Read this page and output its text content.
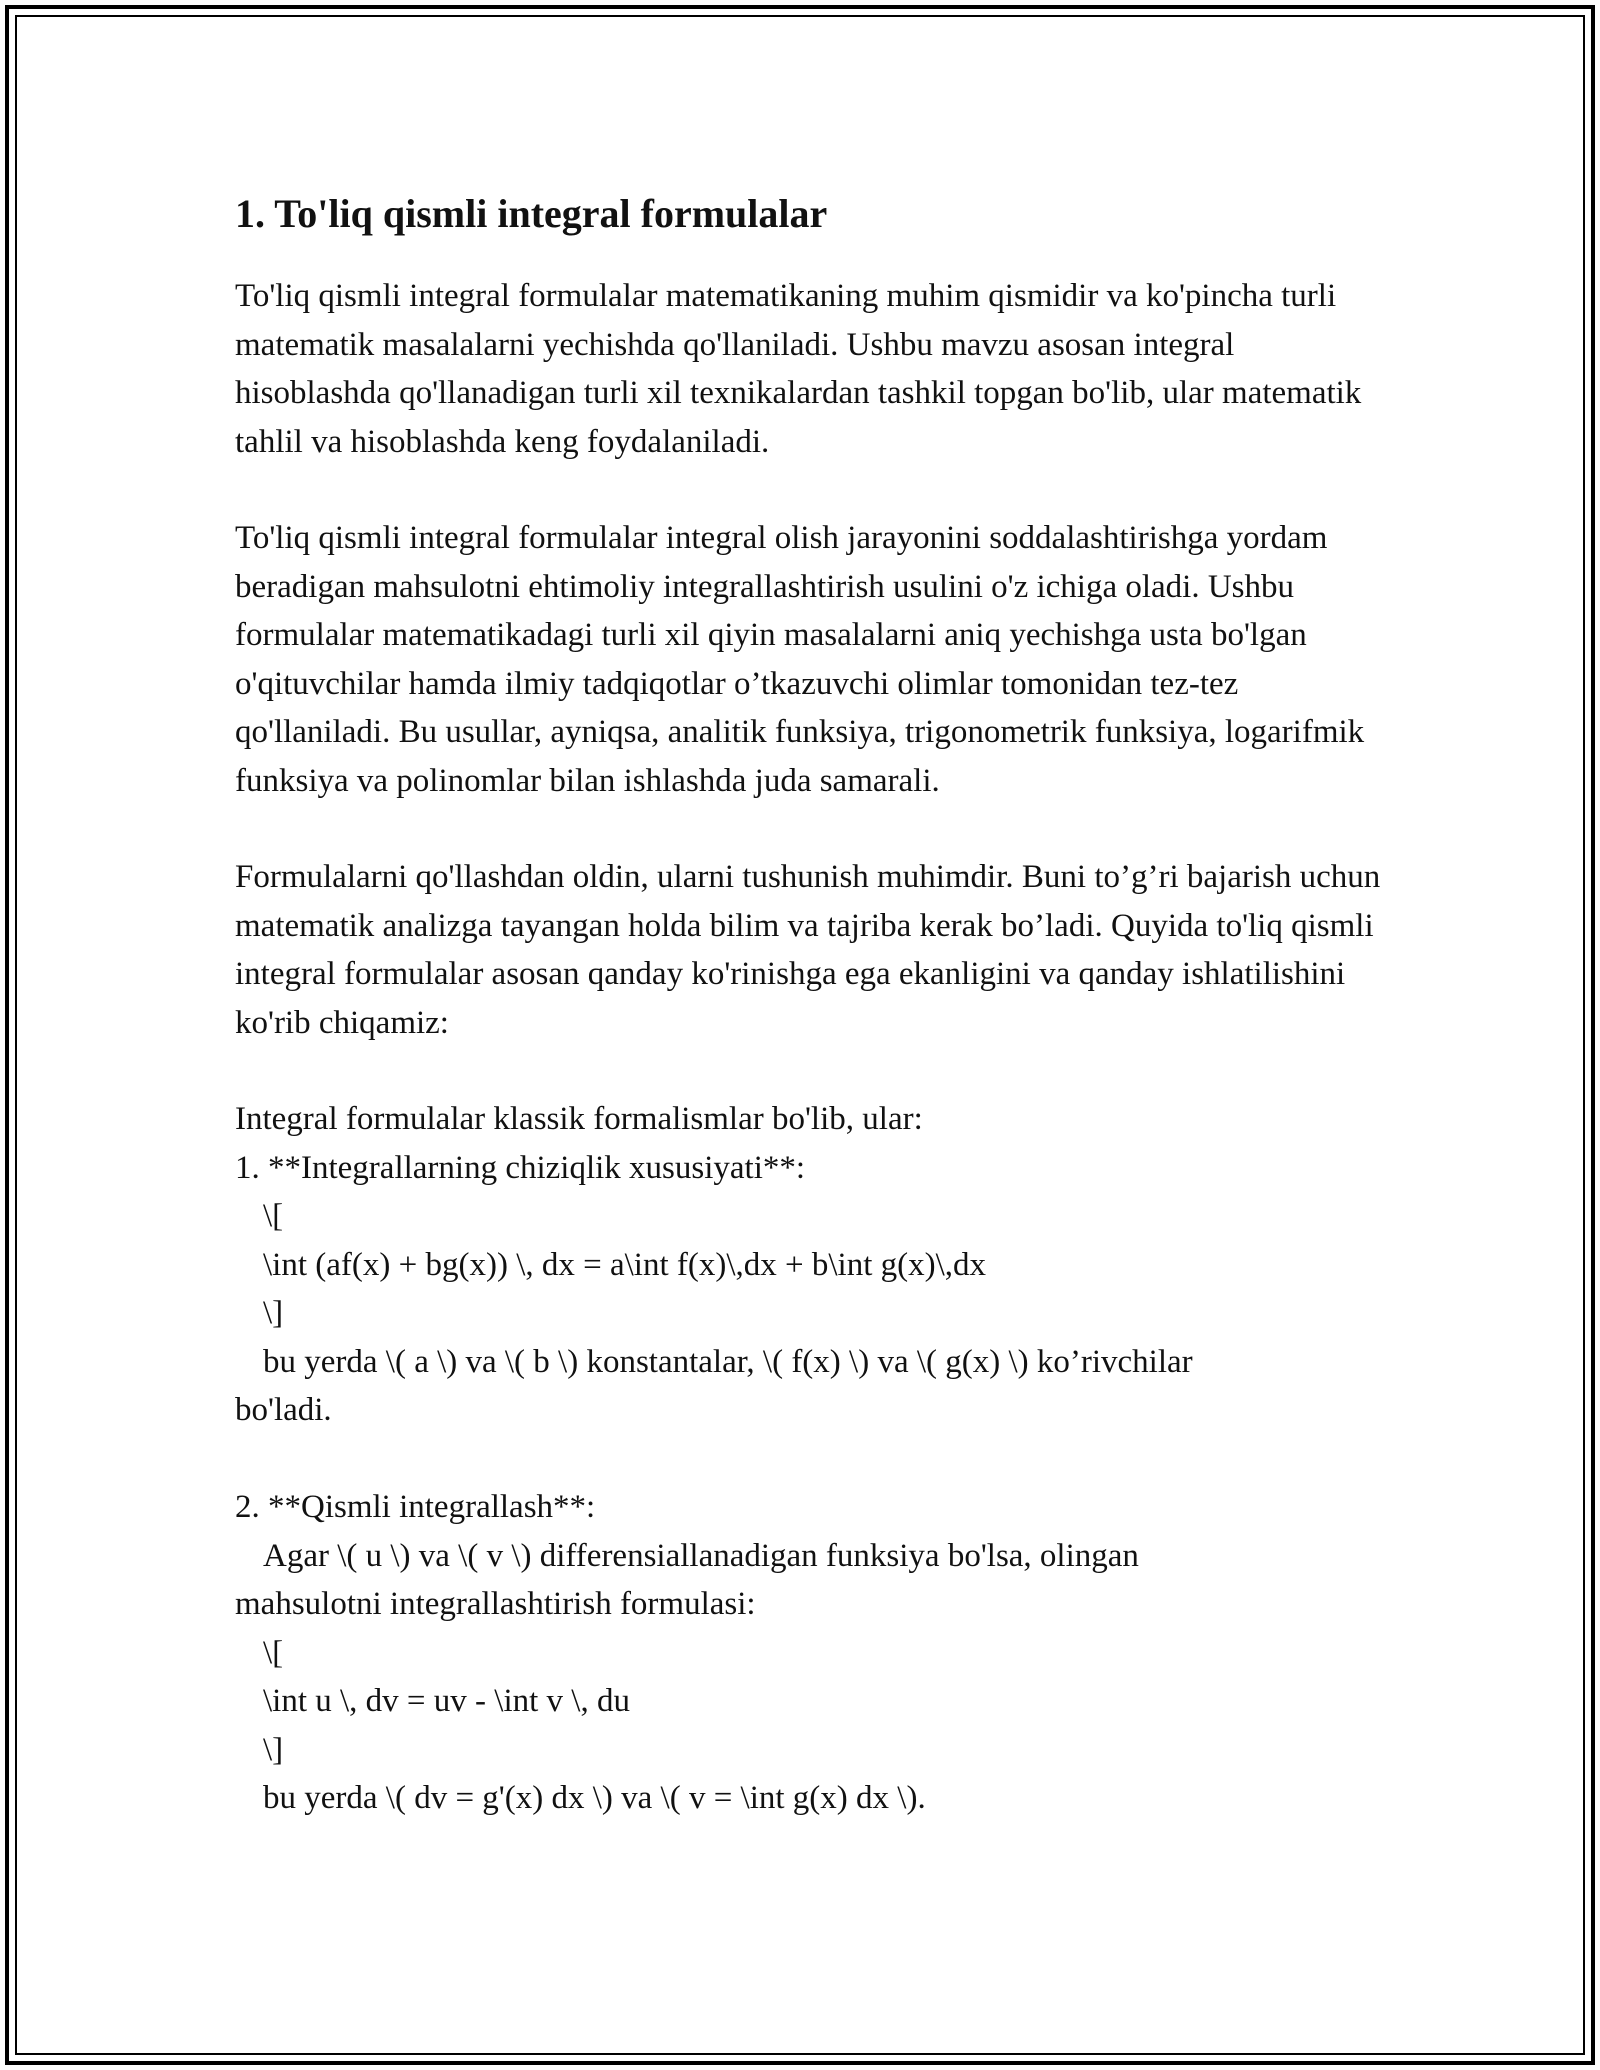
1. To'liq qismli integral formulalar

To'liq qismli integral formulalar matematikaning muhim qismidir va ko'pincha turli matematik masalalarni yechishda qo'llaniladi. Ushbu mavzu asosan integral hisoblashda qo'llanadigan turli xil texnikalardan tashkil topgan bo'lib, ular matematik tahlil va hisoblashda keng foydalaniladi.

To'liq qismli integral formulalar integral olish jarayonini soddalashtirishga yordam beradigan mahsulotni ehtimoliy integrallashtirish usulini o'z ichiga oladi. Ushbu formulalar matematikadagi turli xil qiyin masalalarni aniq yechishga usta bo'lgan o'qituvchilar hamda ilmiy tadqiqotlar o’tkazuvchi olimlar tomonidan tez-tez qo'llaniladi. Bu usullar, ayniqsa, analitik funksiya, trigonometrik funksiya, logarifmik funksiya va polinomlar bilan ishlashda juda samarali.

Formulalarni qo'llashdan oldin, ularni tushunish muhimdir. Buni to’g’ri bajarish uchun matematik analizga tayangan holda bilim va tajriba kerak bo’ladi. Quyida to'liq qismli integral formulalar asosan qanday ko'rinishga ega ekanligini va qanday ishlatilishini ko'rib chiqamiz:

Integral formulalar klassik formalismlar bo'lib, ular:
1. **Integrallarning chiziqlik xususiyati**:
\[
\int (af(x) + bg(x)) \, dx = a\int f(x)\,dx + b\int g(x)\,dx
\]
bu yerda \( a \) va \( b \) konstantalar, \( f(x) \) va \( g(x) \) ko’rivchilar
bo'ladi.
2. **Qismli integrallash**:
Agar \( u \) va \( v \) differensiallanadigan funksiya bo'lsa, olingan
mahsulotni integrallashtirish formulasi:
\[
\int u \, dv = uv - \int v \, du
\]
bu yerda \( dv = g'(x) dx \) va \( v = \int g(x) dx \).
